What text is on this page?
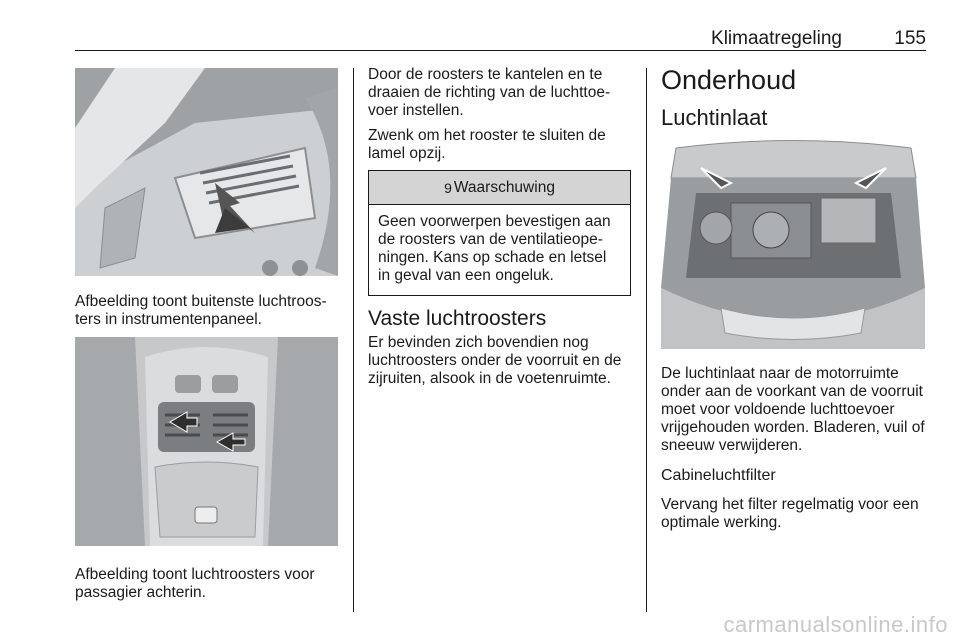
Klimaatregeling	155
Afbeelding toont buitenste luchtroos-
ters in instrumentenpaneel.
Afbeelding toont luchtroosters voor
passagier achterin.
Door de roosters te kantelen en te draaien de richting van de luchttoe-voer instellen.
Zwenk om het rooster te sluiten de lamel opzij.
9 Waarschuwing
Geen voorwerpen bevestigen aan de roosters van de ventilatieope-ningen. Kans op schade en letsel in geval van een ongeluk.
Vaste luchtroosters
Er bevinden zich bovendien nog luchtroosters onder de voorruit en de zijruiten, alsook in de voetenruimte.
Onderhoud
Luchtinlaat
De luchtinlaat naar de motorruimte onder aan de voorkant van de voorruit moet voor voldoende luchttoevoer vrijgehouden worden. Bladeren, vuil of sneeuw verwijderen.
Cabineluchtfilter
Vervang het filter regelmatig voor een optimale werking.
carmanualsonline.info
